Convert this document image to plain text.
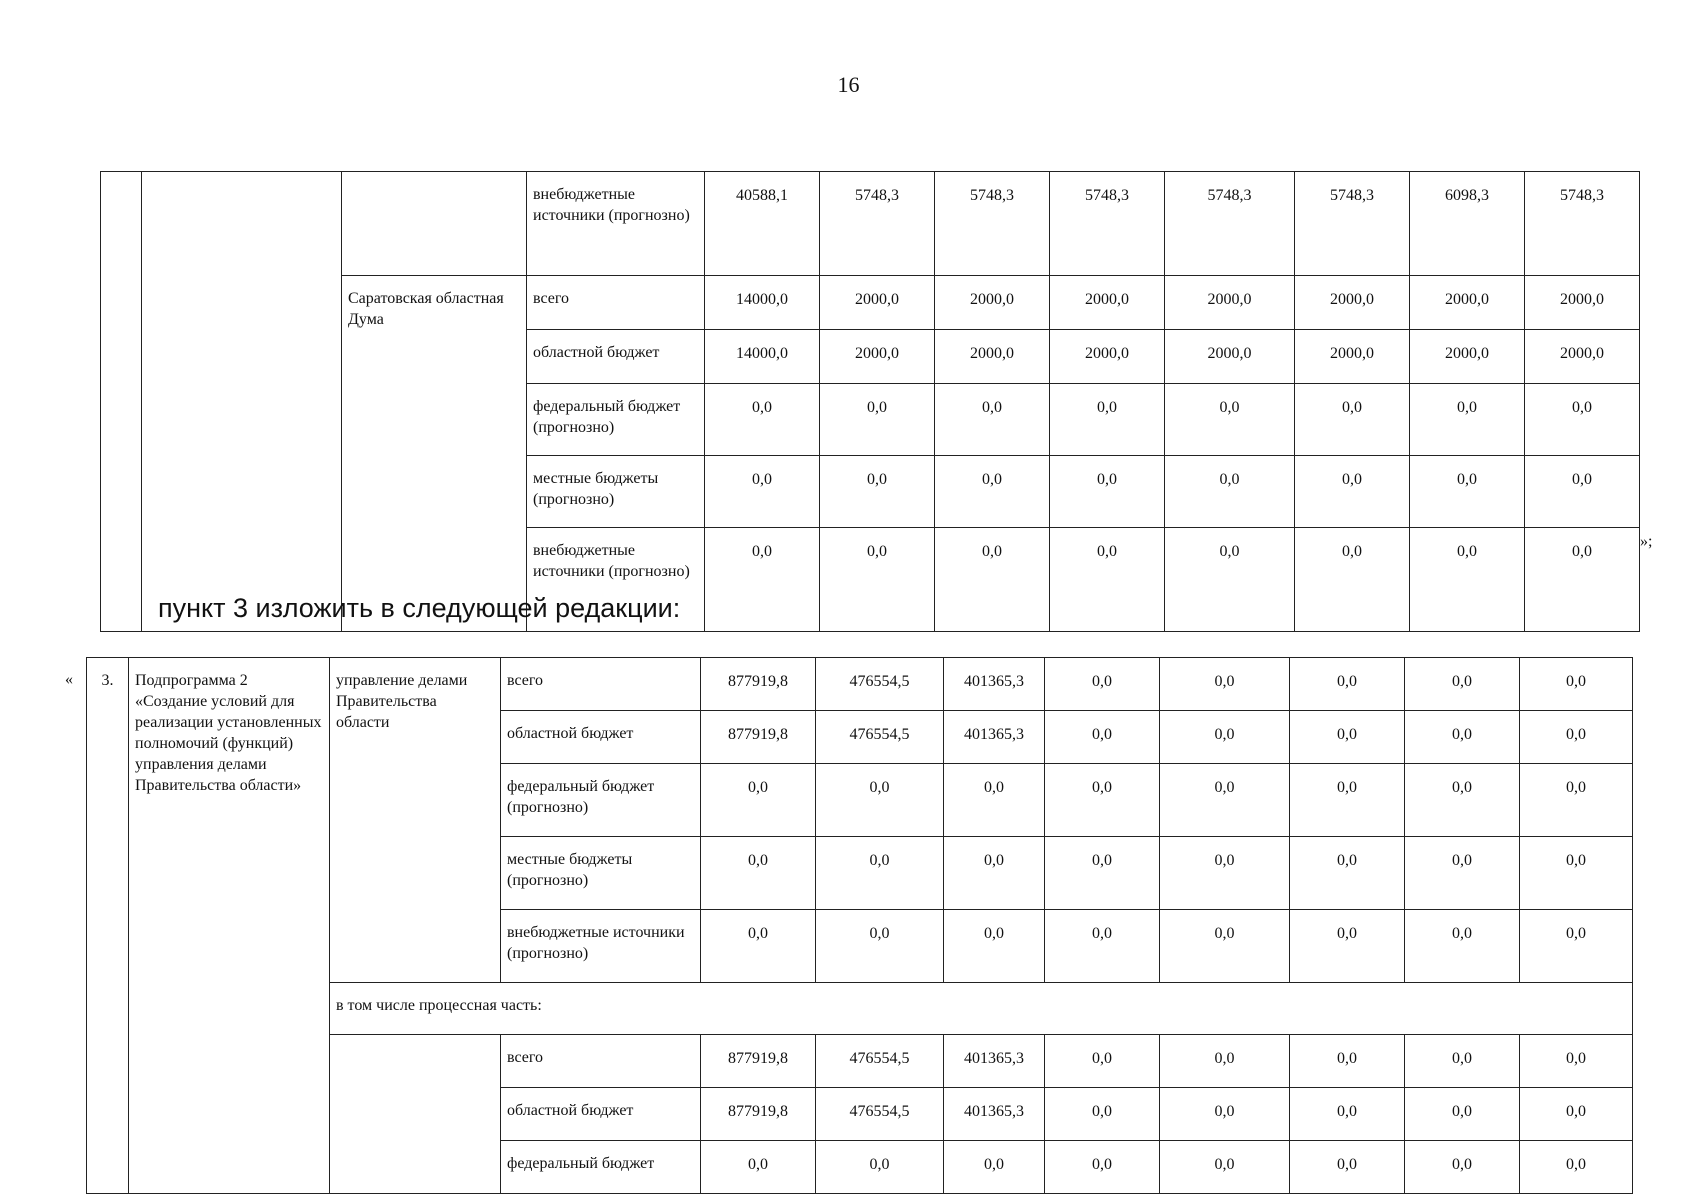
16
			внебюджетные источники (прогнозно)	40588,1	5748,3	5748,3	5748,3	5748,3	5748,3	6098,3	5748,3
		Саратовская областная Дума	всего	14000,0	2000,0	2000,0	2000,0	2000,0	2000,0	2000,0	2000,0
			областной бюджет	14000,0	2000,0	2000,0	2000,0	2000,0	2000,0	2000,0	2000,0
			федеральный бюджет (прогнозно)	0,0	0,0	0,0	0,0	0,0	0,0	0,0	0,0
			местные бюджеты (прогнозно)	0,0	0,0	0,0	0,0	0,0	0,0	0,0	0,0
			внебюджетные источники (прогнозно)	0,0	0,0	0,0	0,0	0,0	0,0	0,0	0,0
»;
пункт 3 изложить в следующей редакции:
« 3.	Подпрограмма 2 «Создание условий для реализации установленных полномочий (функций) управления делами Правительства области»	управление делами Правительства области	всего	877919,8	476554,5	401365,3	0,0	0,0	0,0	0,0	0,0
			областной бюджет	877919,8	476554,5	401365,3	0,0	0,0	0,0	0,0	0,0
			федеральный бюджет (прогнозно)	0,0	0,0	0,0	0,0	0,0	0,0	0,0	0,0
			местные бюджеты (прогнозно)	0,0	0,0	0,0	0,0	0,0	0,0	0,0	0,0
			внебюджетные источники (прогнозно)	0,0	0,0	0,0	0,0	0,0	0,0	0,0	0,0
		в том числе процессная часть:									
			всего	877919,8	476554,5	401365,3	0,0	0,0	0,0	0,0	0,0
			областной бюджет	877919,8	476554,5	401365,3	0,0	0,0	0,0	0,0	0,0
			федеральный бюджет	0,0	0,0	0,0	0,0	0,0	0,0	0,0	0,0
